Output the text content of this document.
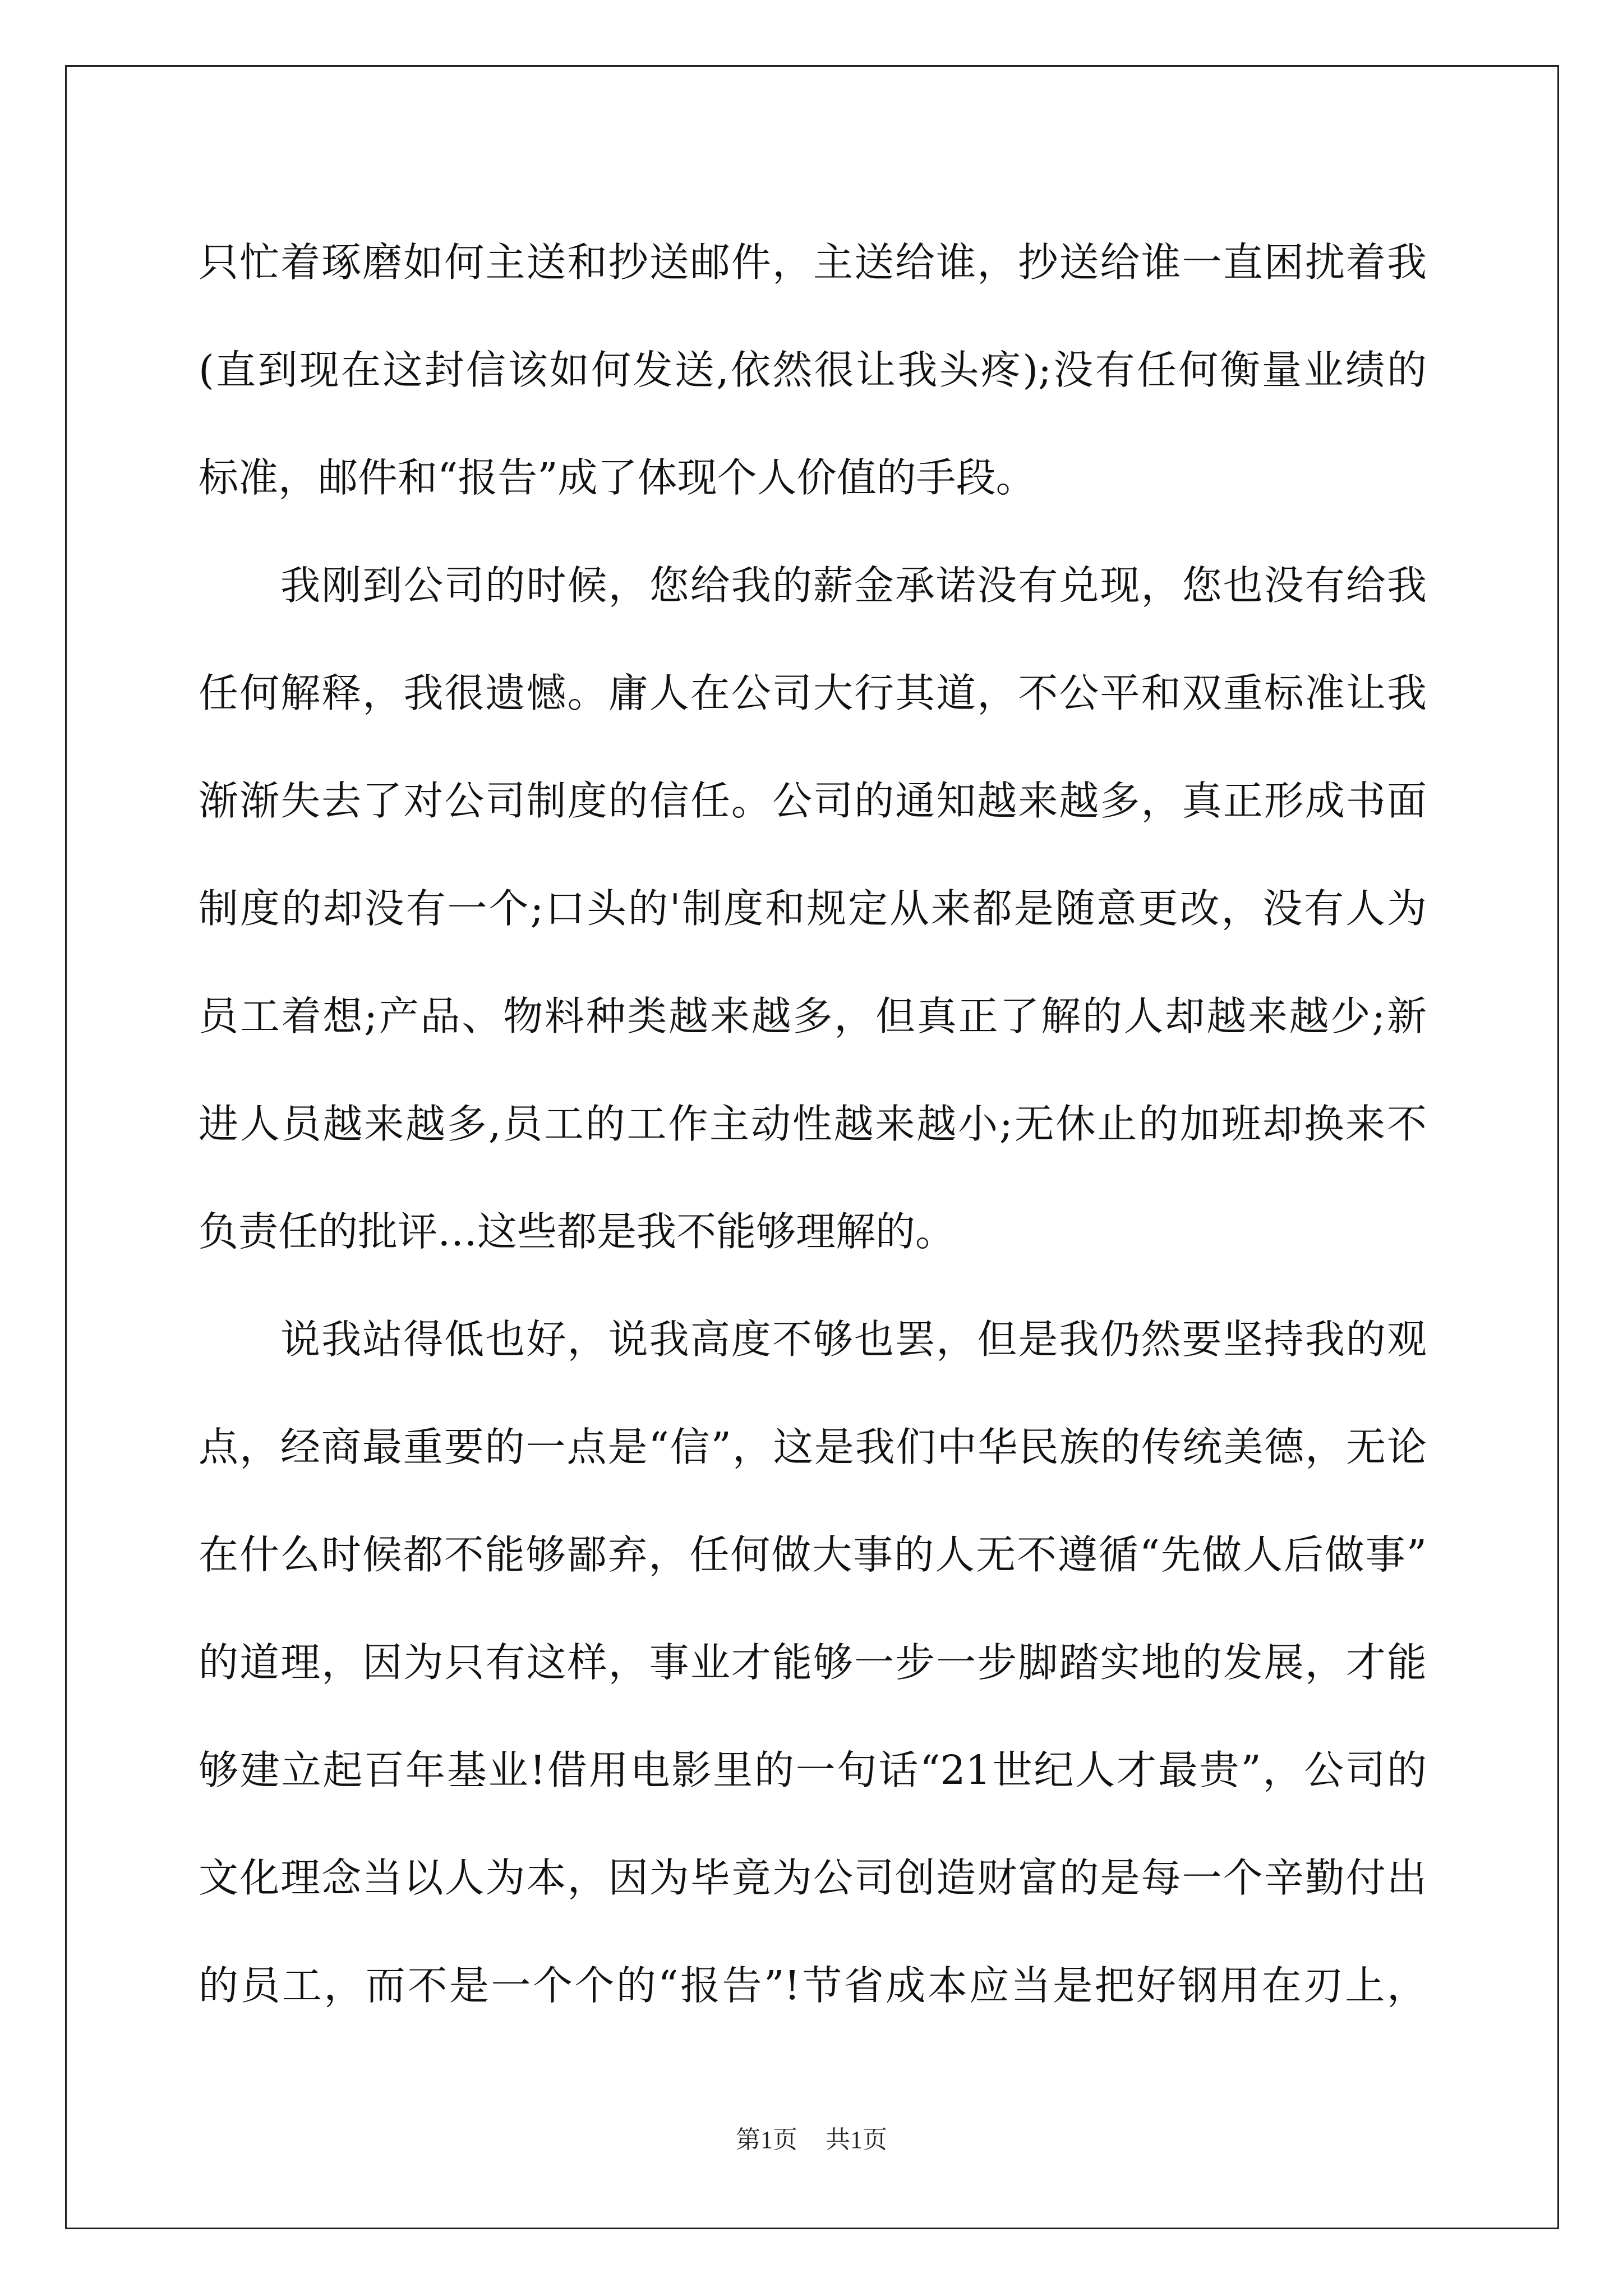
只忙着琢磨如何主送和抄送邮件，主送给谁，抄送给谁一直困扰着我
(直到现在这封信该如何发送,依然很让我头疼);没有任何衡量业绩的
标准，邮件和“报告”成了体现个人价值的手段。
我刚到公司的时候，您给我的薪金承诺没有兑现，您也没有给我
任何解释，我很遗憾。庸人在公司大行其道，不公平和双重标准让我
渐渐失去了对公司制度的信任。公司的通知越来越多，真正形成书面
制度的却没有一个;口头的'制度和规定从来都是随意更改，没有人为
员工着想;产品、物料种类越来越多，但真正了解的人却越来越少;新
进人员越来越多,员工的工作主动性越来越小;无休止的加班却换来不
负责任的批评…这些都是我不能够理解的。
说我站得低也好，说我高度不够也罢，但是我仍然要坚持我的观
点，经商最重要的一点是“信”，这是我们中华民族的传统美德，无论
在什么时候都不能够鄙弃，任何做大事的人无不遵循“先做人后做事”
的道理，因为只有这样，事业才能够一步一步脚踏实地的发展，才能
够建立起百年基业!借用电影里的一句话“21世纪人才最贵”，公司的
文化理念当以人为本，因为毕竟为公司创造财富的是每一个辛勤付出
的员工，而不是一个个的“报告”!节省成本应当是把好钢用在刃上，
第1页 共1页
